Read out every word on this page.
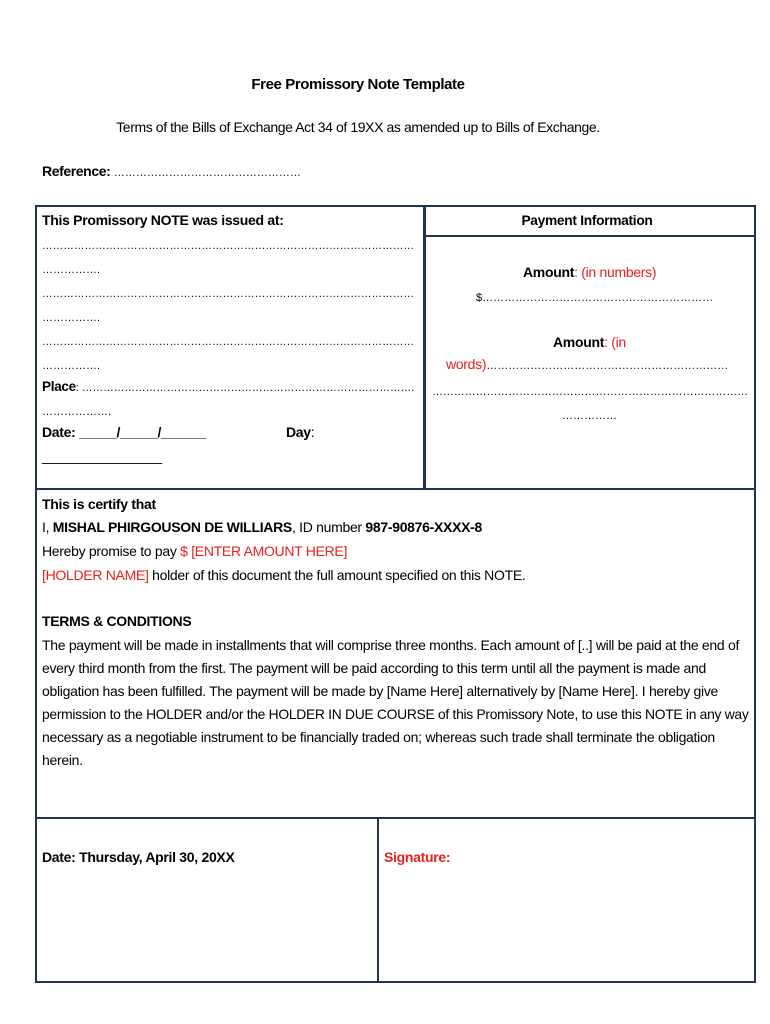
Free Promissory Note Template
Terms of the Bills of Exchange Act 34 of 19XX as amended up to Bills of Exchange.
Reference: ……………………………………………
This Promissory NOTE was issued at:
……………………………………………………………………………………………
…………….
……………………………………………………………………………………………
…………….
……………………………………………………………………………………………
…………….
Place: ………………………………………………………………………………….
……………….
Date: _____/_____/______	Day:
________________
Payment Information
Amount: (in numbers)
$………………………………………………………
Amount: (in
words)…………………………………………………………
……………………………………………………………………………
……………
This is certify that
I, MISHAL PHIRGOUSON DE WILLIARS, ID number 987-90876-XXXX-8
Hereby promise to pay $ [ENTER AMOUNT HERE]
[HOLDER NAME] holder of this document the full amount specified on this NOTE.
TERMS & CONDITIONS
The payment will be made in installments that will comprise three months. Each amount of [..] will be paid at the end of
every third month from the first. The payment will be paid according to this term until all the payment is made and
obligation has been fulfilled. The payment will be made by [Name Here] alternatively by [Name Here]. I hereby give
permission to the HOLDER and/or the HOLDER IN DUE COURSE of this Promissory Note, to use this NOTE in any way
necessary as a negotiable instrument to be financially traded on; whereas such trade shall terminate the obligation
herein.
Date: Thursday, April 30, 20XX	Signature:
